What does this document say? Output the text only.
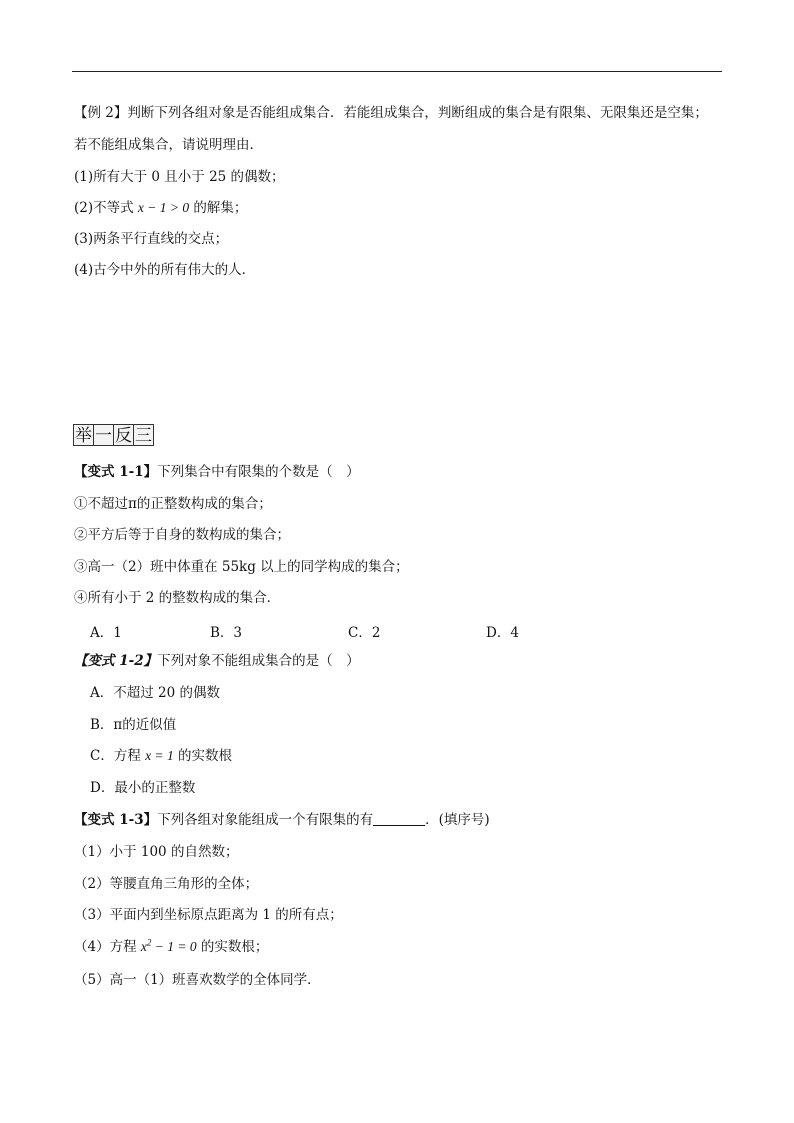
【例 2】判断下列各组对象是否能组成集合．若能组成集合，判断组成的集合是有限集、无限集还是空集；
若不能组成集合，请说明理由．
(1)所有大于 0 且小于 25 的偶数；
(2)不等式 x − 1 > 0 的解集；
(3)两条平行直线的交点；
(4)古今中外的所有伟大的人．
举 一 反 三
【变式 1-1】下列集合中有限集的个数是（　）
①不超过π的正整数构成的集合；
②平方后等于自身的数构成的集合；
③高一（2）班中体重在 55kg 以上的同学构成的集合；
④所有小于 2 的整数构成的集合．
A．1	B．3	C．2	D．4
【变式 1-2】下列对象不能组成集合的是（　）
A．不超过 20 的偶数
B．π的近似值
C．方程 x = 1 的实数根
D．最小的正整数
【变式 1-3】下列各组对象能组成一个有限集的有	．(填序号)
（1）小于 100 的自然数；
（2）等腰直角三角形的全体；
（3）平面内到坐标原点距离为 1 的所有点；
（4）方程 $x^2 - 1 = 0$ 的实数根；
（5）高一（1）班喜欢数学的全体同学．
